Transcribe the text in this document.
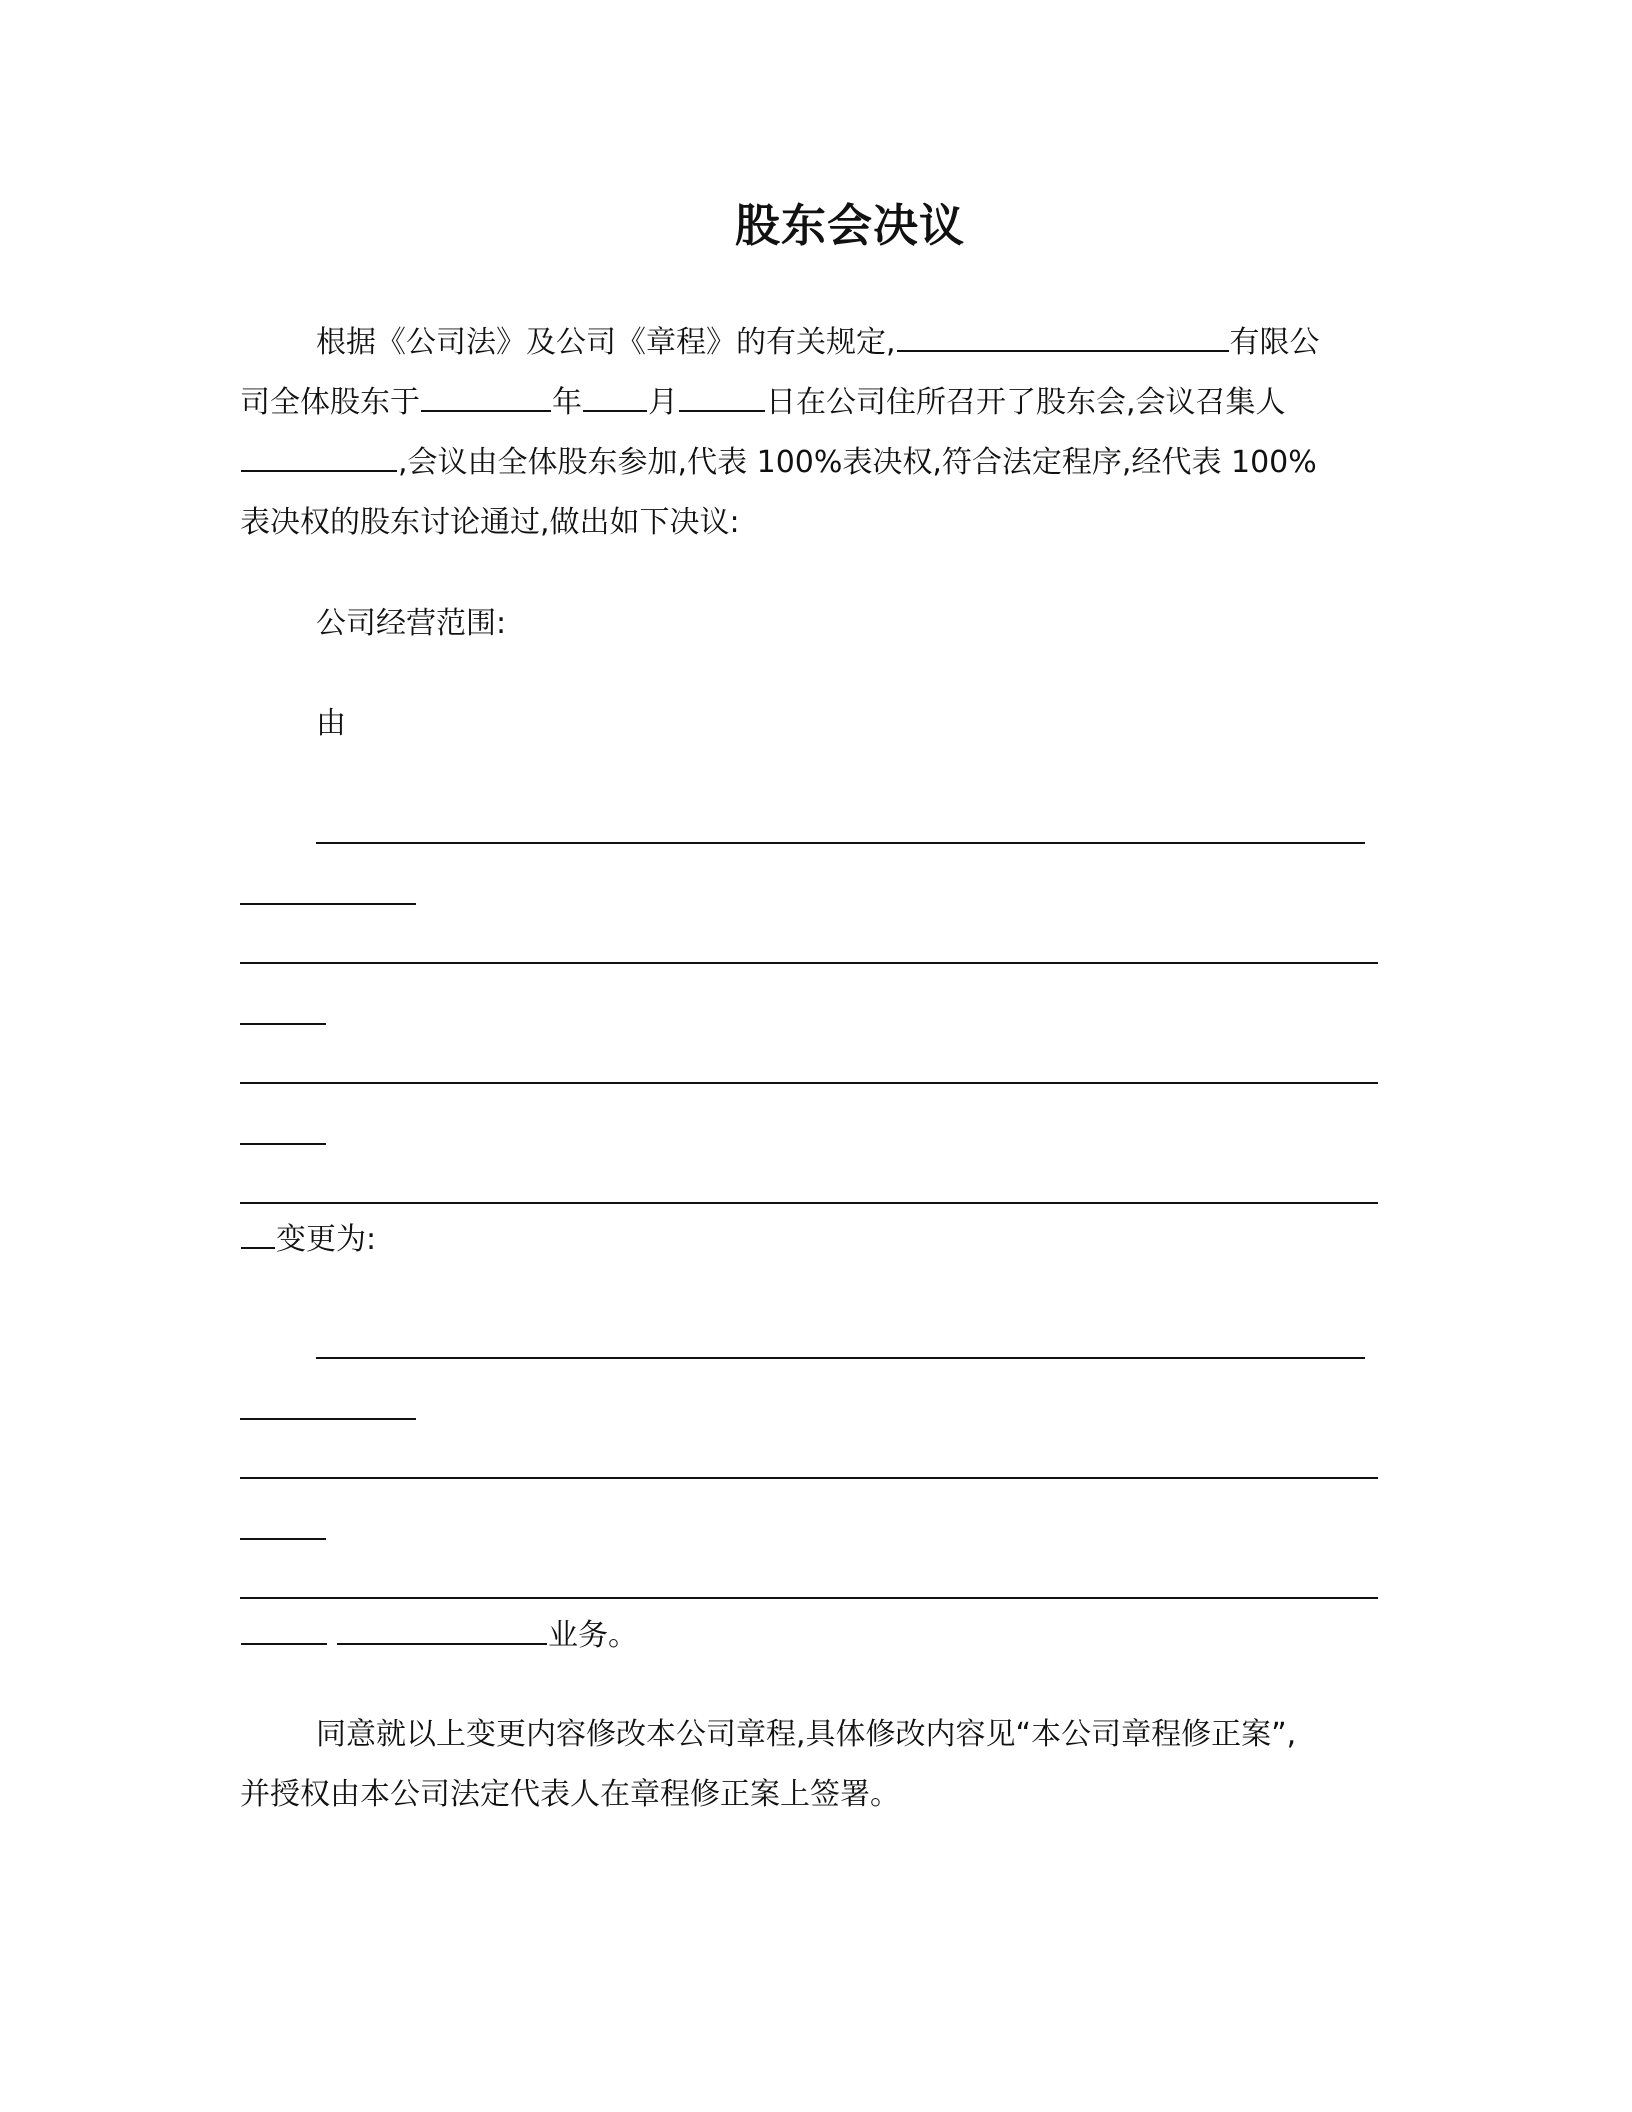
股东会决议
根据《公司法》及公司《章程》的有关规定,	有限公
司全体股东于	年 月	日在公司住所召开了股东会,会议召集人
,会议由全体股东参加,代表 100%表决权,符合法定程序,经代表 100%
表决权的股东讨论通过,做出如下决议:
公司经营范围:
由
变更为:
业务。
同意就以上变更内容修改本公司章程,具体修改内容见“本公司章程修正案”,
并授权由本公司法定代表人在章程修正案上签署。
